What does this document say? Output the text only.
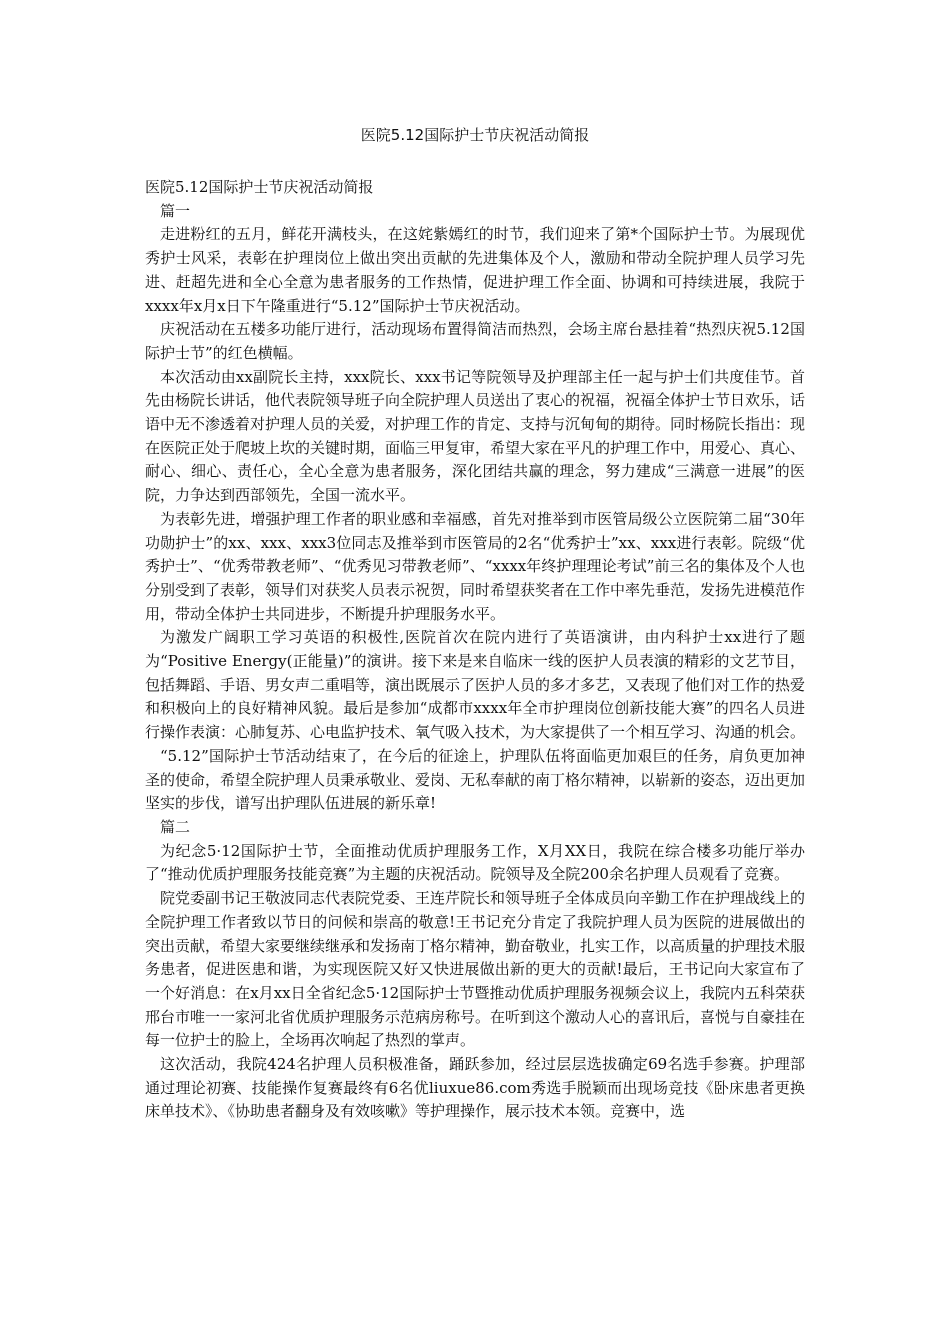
医院5.12国际护士节庆祝活动简报

医院5.12国际护士节庆祝活动简报

篇一

走进粉红的五月，鲜花开满枝头，在这姹紫嫣红的时节，我们迎来了第*个国际护士节。为展现优秀护士风采，表彰在护理岗位上做出突出贡献的先进集体及个人，激励和带动全院护理人员学习先进、赶超先进和全心全意为患者服务的工作热情，促进护理工作全面、协调和可持续进展，我院于xxxx年x月x日下午隆重进行“5.12”国际护士节庆祝活动。

庆祝活动在五楼多功能厅进行，活动现场布置得简洁而热烈，会场主席台悬挂着“热烈庆祝5.12国际护士节”的红色横幅。

本次活动由xx副院长主持，xxx院长、xxx书记等院领导及护理部主任一起与护士们共度佳节。首先由杨院长讲话，他代表院领导班子向全院护理人员送出了衷心的祝福，祝福全体护士节日欢乐，话语中无不渗透着对护理人员的关爱，对护理工作的肯定、支持与沉甸甸的期待。同时杨院长指出：现在医院正处于爬坡上坎的关键时期，面临三甲复审，希望大家在平凡的护理工作中，用爱心、真心、耐心、细心、责任心，全心全意为患者服务，深化团结共赢的理念，努力建成“三满意一进展”的医院，力争达到西部领先，全国一流水平。

为表彰先进，增强护理工作者的职业感和幸福感，首先对推举到市医管局级公立医院第二届“30年功勋护士”的xx、xxx、xxx3位同志及推举到市医管局的2名“优秀护士”xx、xxx进行表彰。院级“优秀护士”、“优秀带教老师”、“优秀见习带教老师”、“xxxx年终护理理论考试”前三名的集体及个人也分别受到了表彰，领导们对获奖人员表示祝贺，同时希望获奖者在工作中率先垂范，发扬先进模范作用，带动全体护士共同进步，不断提升护理服务水平。

为激发广阔职工学习英语的积极性,医院首次在院内进行了英语演讲，由内科护士xx进行了题为“Positive Energy(正能量)”的演讲。接下来是来自临床一线的医护人员表演的精彩的文艺节目，包括舞蹈、手语、男女声二重唱等，演出既展示了医护人员的多才多艺，又表现了他们对工作的热爱和积极向上的良好精神风貌。最后是参加“成都市xxxx年全市护理岗位创新技能大赛”的四名人员进行操作表演：心肺复苏、心电监护技术、氧气吸入技术，为大家提供了一个相互学习、沟通的机会。

“5.12”国际护士节活动结束了，在今后的征途上，护理队伍将面临更加艰巨的任务，肩负更加神圣的使命，希望全院护理人员秉承敬业、爱岗、无私奉献的南丁格尔精神，以崭新的姿态，迈出更加坚实的步伐，谱写出护理队伍进展的新乐章!

篇二

为纪念5·12国际护士节，全面推动优质护理服务工作，X月XX日，我院在综合楼多功能厅举办了“推动优质护理服务技能竞赛”为主题的庆祝活动。院领导及全院200余名护理人员观看了竞赛。

院党委副书记王敬波同志代表院党委、王连芹院长和领导班子全体成员向辛勤工作在护理战线上的全院护理工作者致以节日的问候和崇高的敬意!王书记充分肯定了我院护理人员为医院的进展做出的突出贡献，希望大家要继续继承和发扬南丁格尔精神，勤奋敬业，扎实工作，以高质量的护理技术服务患者，促进医患和谐，为实现医院又好又快进展做出新的更大的贡献!最后，王书记向大家宣布了一个好消息：在x月xx日全省纪念5·12国际护士节暨推动优质护理服务视频会议上，我院内五科荣获邢台市唯一一家河北省优质护理服务示范病房称号。在听到这个激动人心的喜讯后，喜悦与自豪挂在每一位护士的脸上，全场再次响起了热烈的掌声。

这次活动，我院424名护理人员积极准备，踊跃参加，经过层层选拔确定69名选手参赛。护理部通过理论初赛、技能操作复赛最终有6名优liuxue86.com秀选手脱颖而出现场竞技《卧床患者更换床单技术》、《协助患者翻身及有效咳嗽》等护理操作，展示技术本领。竞赛中，选
